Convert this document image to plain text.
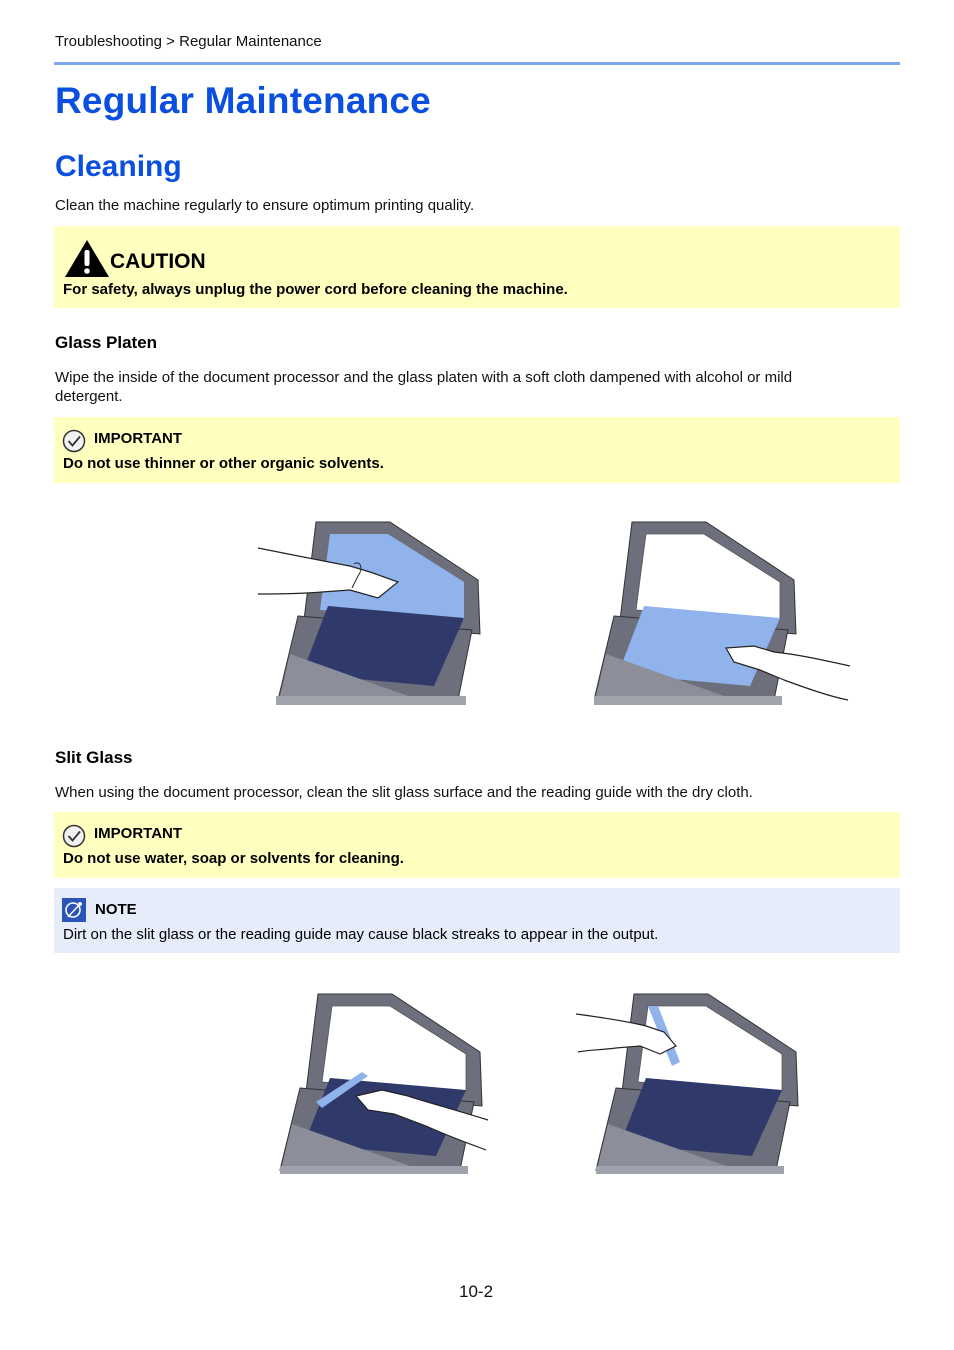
Troubleshooting > Regular Maintenance
Regular Maintenance
Cleaning
Clean the machine regularly to ensure optimum printing quality.
CAUTION
For safety, always unplug the power cord before cleaning the machine.
Glass Platen
Wipe the inside of the document processor and the glass platen with a soft cloth dampened with alcohol or mild
detergent.
IMPORTANT
Do not use thinner or other organic solvents.
Slit Glass
When using the document processor, clean the slit glass surface and the reading guide with the dry cloth.
IMPORTANT
Do not use water, soap or solvents for cleaning.
NOTE
Dirt on the slit glass or the reading guide may cause black streaks to appear in the output.
10-2
